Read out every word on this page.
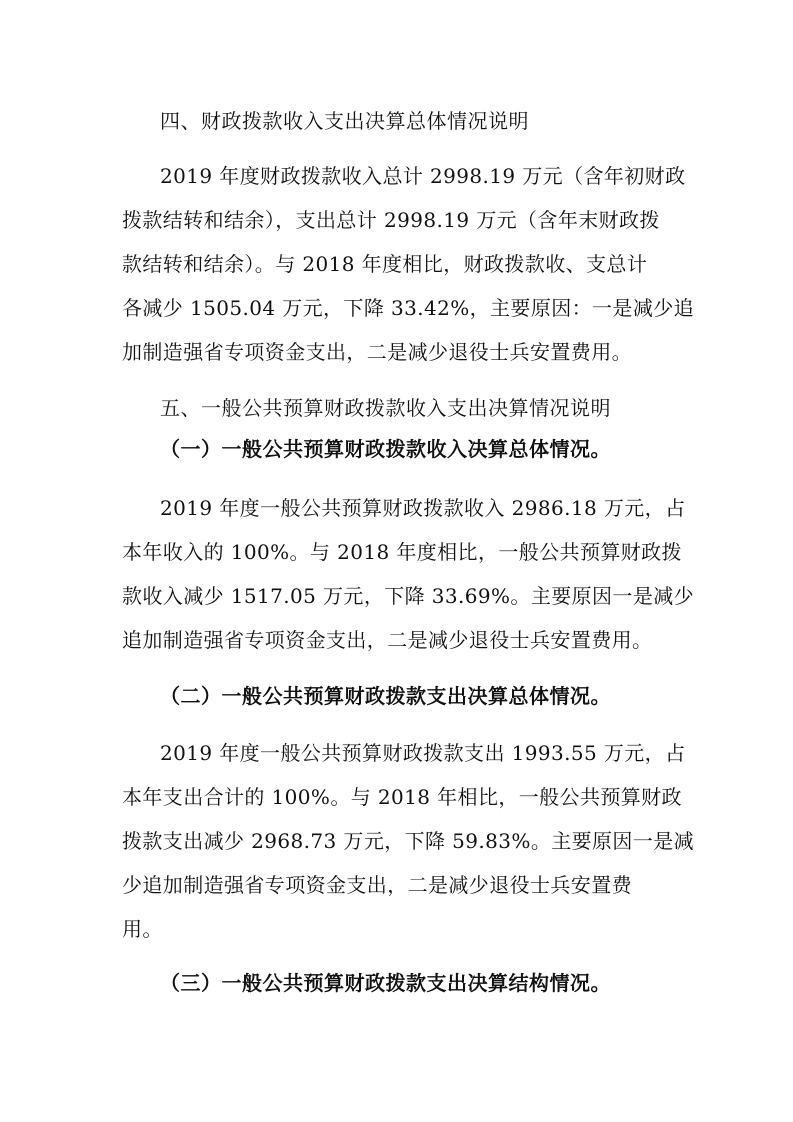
四、财政拨款收入支出决算总体情况说明
2019 年度财政拨款收入总计 2998.19 万元（含年初财政
拨款结转和结余），支出总计 2998.19 万元（含年末财政拨
款结转和结余）。与 2018 年度相比，财政拨款收、支总计
各减少 1505.04 万元，下降 33.42%，主要原因：一是减少追
加制造强省专项资金支出，二是减少退役士兵安置费用。
五、一般公共预算财政拨款收入支出决算情况说明
（一）一般公共预算财政拨款收入决算总体情况。
2019 年度一般公共预算财政拨款收入 2986.18 万元，占
本年收入的 100%。与 2018 年度相比，一般公共预算财政拨
款收入减少 1517.05 万元，下降 33.69%。主要原因一是减少
追加制造强省专项资金支出，二是减少退役士兵安置费用。
（二）一般公共预算财政拨款支出决算总体情况。
2019 年度一般公共预算财政拨款支出 1993.55 万元，占
本年支出合计的 100%。与 2018 年相比，一般公共预算财政
拨款支出减少 2968.73 万元，下降 59.83%。主要原因一是减
少追加制造强省专项资金支出，二是减少退役士兵安置费
用。
（三）一般公共预算财政拨款支出决算结构情况。
